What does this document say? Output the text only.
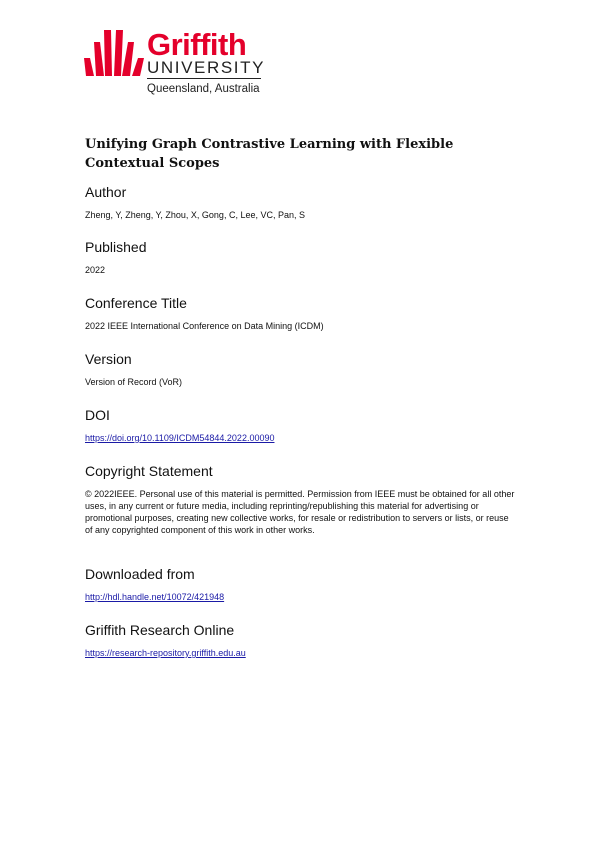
Griffith
UNIVERSITY
Queensland, Australia
Unifying Graph Contrastive Learning with Flexible Contextual Scopes
Author

Zheng, Y, Zheng, Y, Zhou, X, Gong, C, Lee, VC, Pan, S

Published

2022

Conference Title

2022 IEEE International Conference on Data Mining (ICDM)

Version

Version of Record (VoR)

DOI

https://doi.org/10.1109/ICDM54844.2022.00090

Copyright Statement

© 2022IEEE. Personal use of this material is permitted. Permission from IEEE must be obtained for all other uses, in any current or future media, including reprinting/republishing this material for advertising or promotional purposes, creating new collective works, for resale or redistribution to servers or lists, or reuse of any copyrighted component of this work in other works.

Downloaded from

http://hdl.handle.net/10072/421948

Griffith Research Online

https://research-repository.griffith.edu.au
